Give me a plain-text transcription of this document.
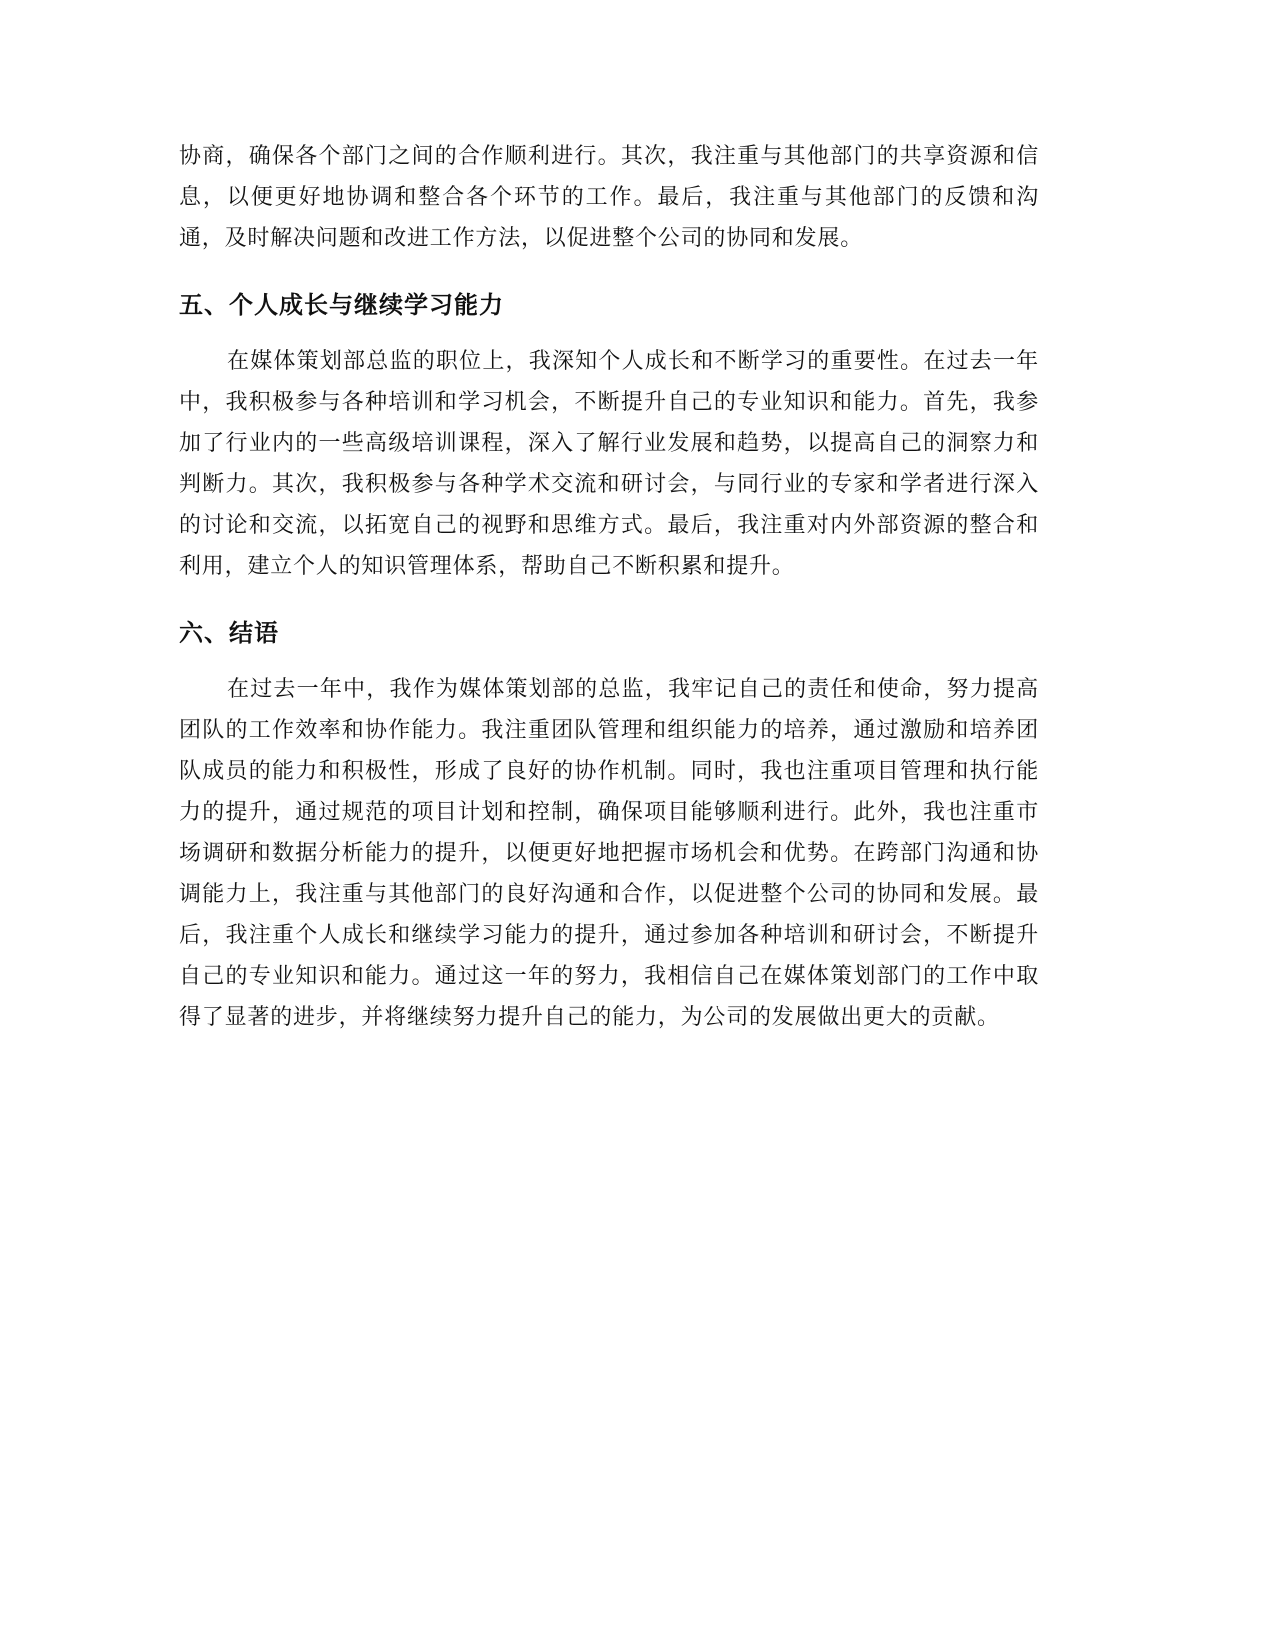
协商，确保各个部门之间的合作顺利进行。其次，我注重与其他部门的共享资源和信息，以便更好地协调和整合各个环节的工作。最后，我注重与其他部门的反馈和沟通，及时解决问题和改进工作方法，以促进整个公司的协同和发展。

五、个人成长与继续学习能力

在媒体策划部总监的职位上，我深知个人成长和不断学习的重要性。在过去一年中，我积极参与各种培训和学习机会，不断提升自己的专业知识和能力。首先，我参加了行业内的一些高级培训课程，深入了解行业发展和趋势，以提高自己的洞察力和判断力。其次，我积极参与各种学术交流和研讨会，与同行业的专家和学者进行深入的讨论和交流，以拓宽自己的视野和思维方式。最后，我注重对内外部资源的整合和利用，建立个人的知识管理体系，帮助自己不断积累和提升。

六、结语

在过去一年中，我作为媒体策划部的总监，我牢记自己的责任和使命，努力提高团队的工作效率和协作能力。我注重团队管理和组织能力的培养，通过激励和培养团队成员的能力和积极性，形成了良好的协作机制。同时，我也注重项目管理和执行能力的提升，通过规范的项目计划和控制，确保项目能够顺利进行。此外，我也注重市场调研和数据分析能力的提升，以便更好地把握市场机会和优势。在跨部门沟通和协调能力上，我注重与其他部门的良好沟通和合作，以促进整个公司的协同和发展。最后，我注重个人成长和继续学习能力的提升，通过参加各种培训和研讨会，不断提升自己的专业知识和能力。通过这一年的努力，我相信自己在媒体策划部门的工作中取得了显著的进步，并将继续努力提升自己的能力，为公司的发展做出更大的贡献。
